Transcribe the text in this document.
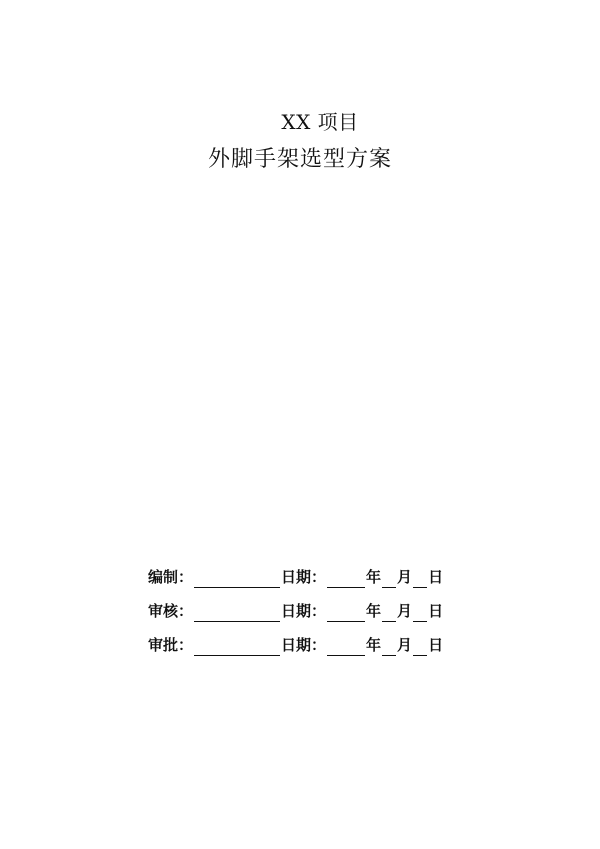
XX 项目
外脚手架选型方案
编制：	日期：	年 月 日
审核：	日期：	年 月 日
审批：	日期：	年 月 日
